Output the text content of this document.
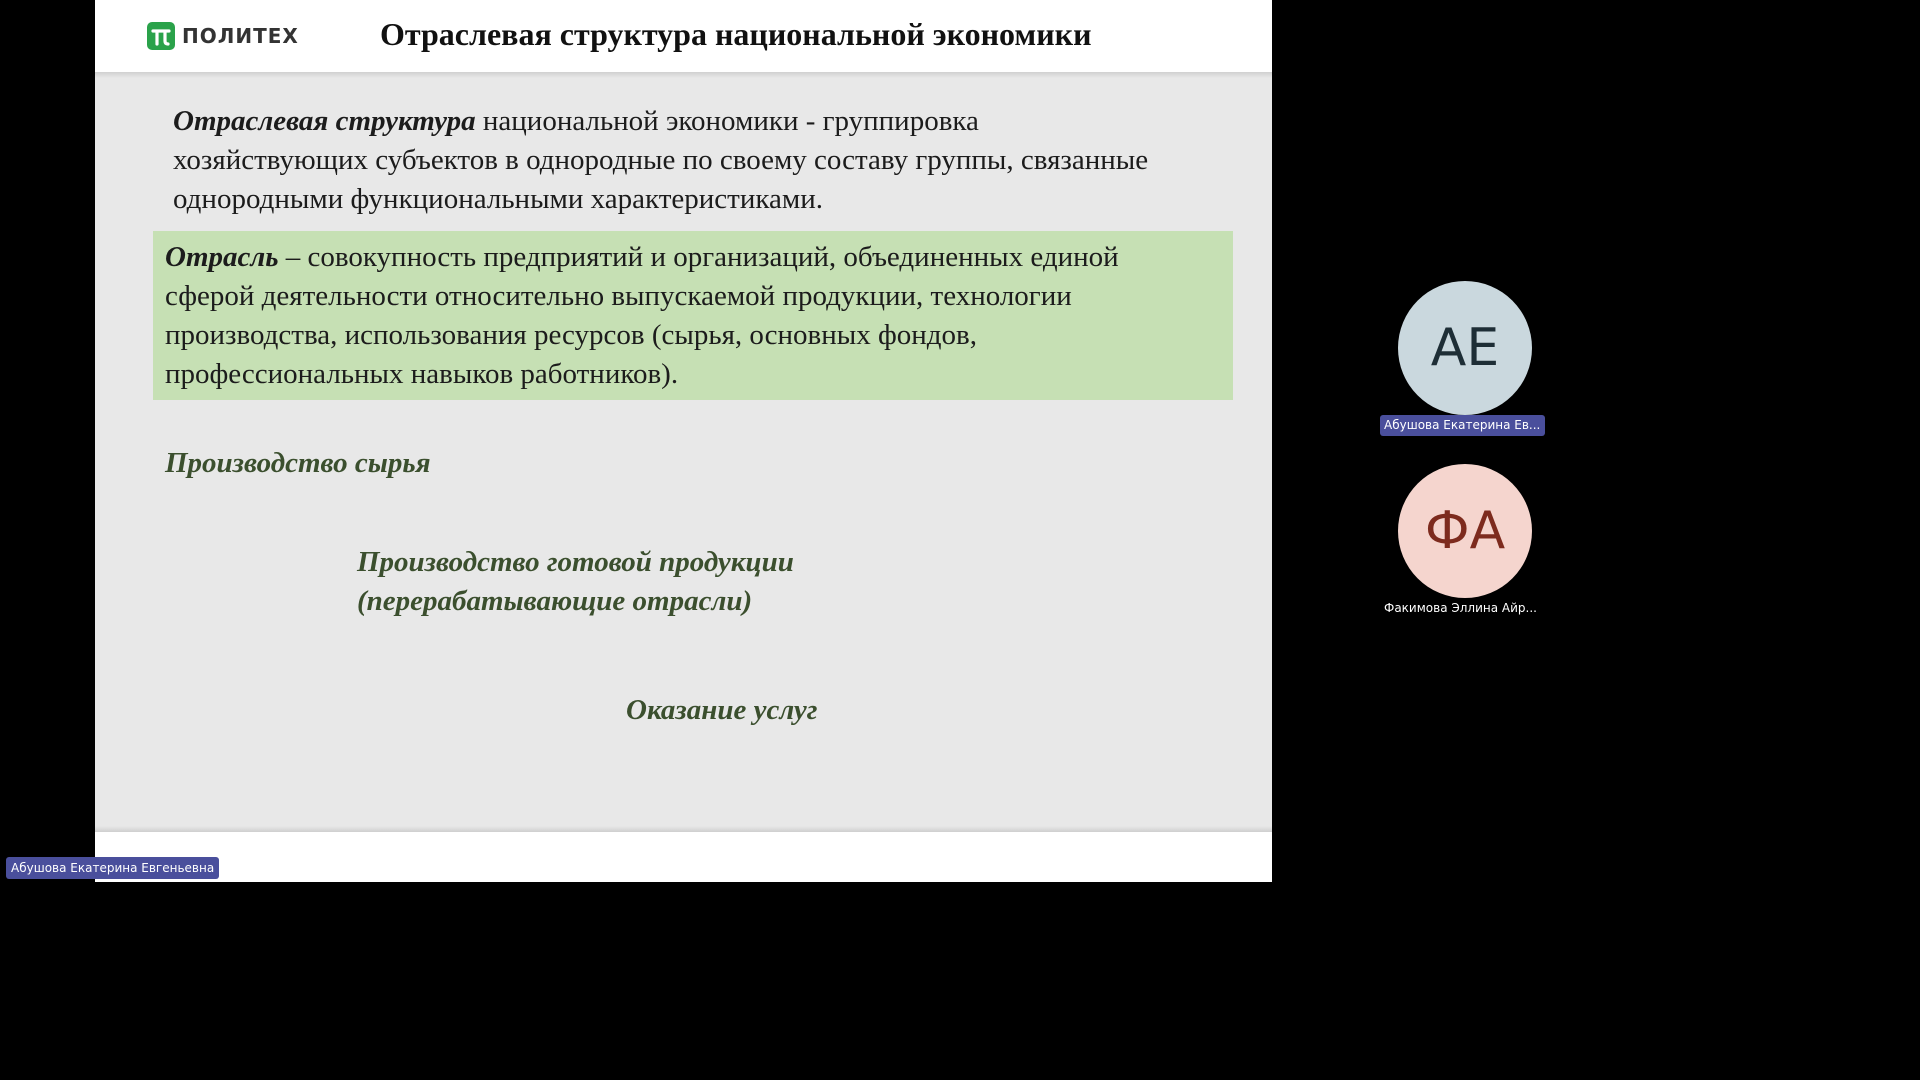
ПОЛИТЕХ	Отраслевая структура национальной экономики

Отраслевая структура национальной экономики - группировка хозяйствующих субъектов в однородные по своему составу группы, связанные однородными функциональными характеристиками.

Отрасль – совокупность предприятий и организаций, объединенных единой сферой деятельности относительно выпускаемой продукции, технологии производства, использования ресурсов (сырья, основных фондов, профессиональных навыков работников).

Производство сырья

Производство готовой продукции
(перерабатывающие отрасли)

Оказание услуг

АЕ
Абушова Екатерина Ев...
ФА
Факимова Эллина Айр...
Абушова Екатерина Евгеньевна
